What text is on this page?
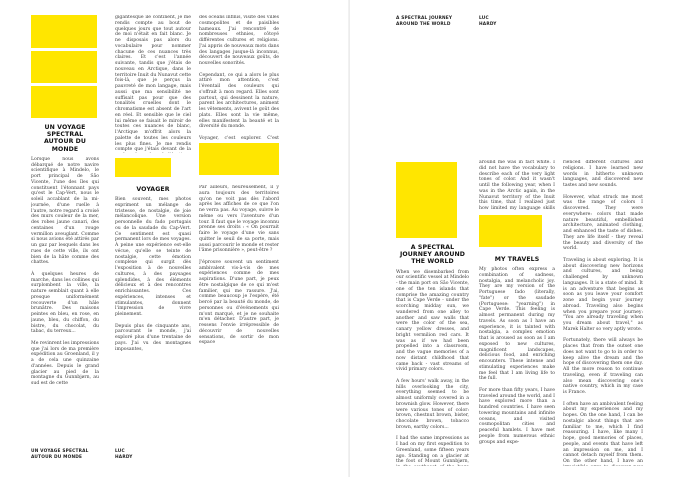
UN VOYAGE SPECTRAL AUTOUR DU MONDE

Lorsque nous avons débarqué de notre navire scientifique à Mindelo, le port principal de São Vicente, l'une des îles qui constituent l'étonnant pays qu'est le Cap-Vert, nous le soleil accablant de la mi-journée, d'une ruelle à l'autre, notre regard a croisé des murs couleur de la mer, des robes jaune canari, des centaines d'un rouge vermillon aveuglant. Comme si nous avions été attirés par un gaz par lesquels dans les rues de cette ville, ils ont bien de la hâte comme des chattes.

À quelques heures de marche, dans les collines qui surplombent la ville, la nature semblait quant à elle presque uniformément recouverte d'un hâle brunâtre. Des maisons peintes en bleu, en rose, en jaune, bleu, du chiffon, du bistre, du chocolat, du tabac, du terreux...

Me revinrent les impressions que j'ai lors de ma première expédition au Groenland, il y a de cela une quinzaine d'années. Depuis le grand glacier au pied de la montagne du Gunnbjørn, au sud est de cette

gigantesque île continent, je me rendis compte au bout de quelques jours que tout autour de moi n'était en fait blanc. Je ne disposais pas alors du vocabulaire pour nommer chacune de ces nuances très claires. Et c'est l'année suivante, tandis que j'étais de nouveau en Arctique, dans le territoire Inuit du Nunavut cette fois-là, que je perçus la pauvreté de mon langage, mais aussi que ma sensibilité ne suffisait pas pour que des tonalités cruelles dont le chromatisme est absent de l'art en réel. Et sensible que le ciel lui même se faisait le miroir de toutes ces nuances de blanc, l'Arctique m'offrit alors la palette de toutes les couleurs les plus fines. Je me rendis compte que j'étais devant de la

VOYAGER

Bien souvent, mes photos expriment un mélange de tristesse, de nostalgie, de joie mélancolique. Une version personnelle du fado portugais ou de la saudade du Cap-Vert. Ce sentiment est quasi permanent lors de mes voyages. À peine une expérience est-elle vécue, qu'elle se teinte de nostalgie, cette émotion complexe qui surgit dès l'exposition à de nouvelles cultures, à des paysages splendides, à des éléments délicieux et à des rencontres enrichissantes. Ces expériences, intenses et stimulantes, donnent l'impression de vivre pleinement.

Depuis plus de cinquante ans, parcourant le monde, j'ai exploré plus d'une trentaine de pays. J'ai vu des montagnes imposantes,

des océans infinis, visité des villes cosmopolites et de paisibles hameaux. J'ai rencontré de nombreuses ethnies, côtoyé différentes cultures et religions. J'ai appris de nouveaux mots dans des langages jusque-là inconnus, découvert de nouveaux goûts, de nouvelles sonorités.

Cependant, ce qui a alors le plus attiré mon attention, c'est l'éventail des couleurs qui s'offrait à mon regard. Elles sont partout, qui dessinent la nature, parent les architectures, animent les vêtements, avivent le goût des plats. Elles sont la vie même, elles manifestent la beauté et la diversité du monde.

Voyager, c'est explorer. C'est

Par ailleurs, heureusement, il y aura toujours des territoires qu'on ne voit pas dès l'abord après les affiches de ce que l'on ne verra pas. Au voyage, suivre le même ou vers l'aventure d'un tour. Il faut que le voyage inconnu prenne ses droits : « On pourrait faire le voyage d'une vie sans quitter le seuil de sa porte, mais aussi parcourir le monde et rester l'âme prisonnière », peut-être ?

J'éprouve souvent un sentiment ambivalent vis-à-vis de mes expériences comme de mes aspirations. D'une part, je peux être nostalgique de ce qui m'est familier, qui me rassure. J'ai, comme beaucoup je l'espère, été bercé par la beauté du monde, de personnes ou d'événements qui m'ont marqué, et je ne souhaite m'en détacher. D'autre part, je ressens l'envie irrépressible de découvrir de nouvelles sensations, de sortir de mon espace

UN VOYAGE SPECTRAL
AUTOUR DU MONDE
LUC
HARDY
A SPECTRAL JOURNEY
AROUND THE WORLD
LUC
HARDY
A SPECTRAL JOURNEY AROUND THE WORLD

When we disembarked from our scientific vessel at Mindelo - the main port on São Vicente, one of the ten islands that comprise the amazing country that is Cape Verde - under the scorching midday sun, we wandered from one alley to another and saw walls that were the color of the sea, canary yellow dresses, and bright vermilion red cars. It was as if we had been propelled into a classroom, and the vague memories of a now distant childhood that came back - vast streams of vivid primary colors.

A few hours' walk away, in the hills overlooking the city, everything seemed to be almost uniformly covered in a brownish glow. However, there were various tones of color: brown, chestnut brown, bister, chocolate brown, tobacco brown, earthy colors...

I had the same impressions as I had on my first expedition to Greenland, some fifteen years ago. Standing on a glacier at the foot of Mount Gunnbjørn,

around me was in fact white. I did not have the vocabulary to describe each of the very light tones of color. And it wasn't until the following year, when I was in the Arctic again, in the Nunavut territory of the Inuit this time, that I realized just how limited my language skills

MY TRAVELS

My photos often express a combination of sadness, nostalgia, and melancholic joy. They are my version of the Portuguese fado (literally, "fate") or the saudade (Portuguese: "yearning") in Cape Verde. This feeling is almost permanent during my travels. As soon as I have an experience, it is tainted with nostalgia, a complex emotion that is aroused as soon as I am exposed to new cultures, magnificent landscapes, delicious food, and enriching encounters. These intense and stimulating experiences make me feel that I am living life to the full.

For more than fifty years, I have traveled around the world, and I have explored more than a hundred countries. I have seen towering mountains and infinite oceans, and visited cosmopolitan cities and peaceful hamlets. I have met people from numerous ethnic groups and expe-

rienced different cultures and religions. I have learned new words in hitherto unknown languages, and discovered new tastes and new sounds.

However, what struck me most was the range of colors I discovered. They were everywhere: colors that made nature beautiful, embellished architecture, animated clothing, and enhanced the taste of dishes. They are life itself - they reveal the beauty and diversity of the world.

Traveling is about exploring. It is about discovering new horizons and cultures, and being challenged by unknown languages. It is a state of mind. It is an adventure that begins as soon as you leave your comfort zone and begin your journey abroad. Traveling also begins when you prepare your journey: "You are already traveling when you dream about travel," as Marek Halter so very aptly wrote.

Fortunately, there will always be places that from the outset one does not want to go to in order to keep alive the dream and the hope of discovering them one day. All the more reason to continue traveling, even if traveling can also mean discovering one's native country, which in my case is France.

I often have an ambivalent feeling about my experiences and my hopes. On the one hand, I can be nostalgic about things that are familiar to me, which I find reassuring. I have, like many I hope, good memories of places, people, and events that have left an impression on me, and I cannot detach myself from them. On the other hand, I have an
